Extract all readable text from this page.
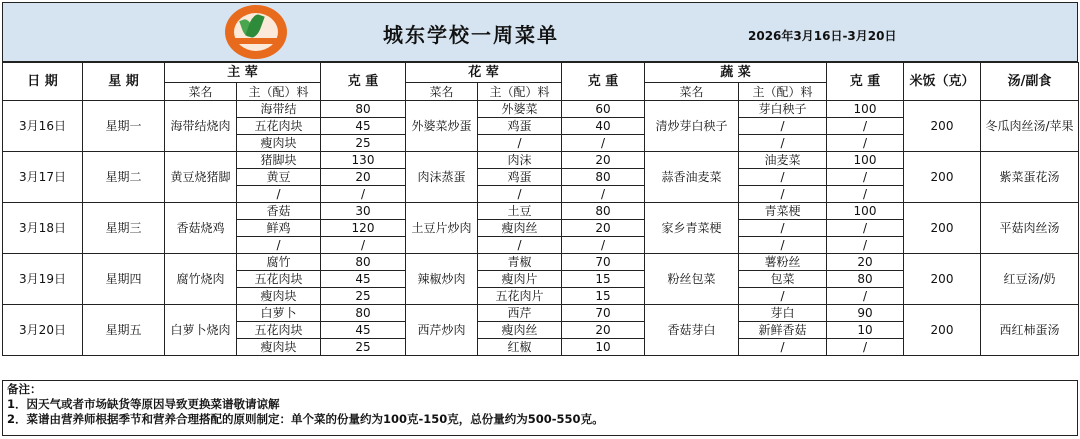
城东学校一周菜单	2026年3月16日-3月20日
日 期	星 期	主 荤		克 重	花 荤		克 重	蔬 菜		克 重	米饭（克）	汤/副食
		菜名	主（配）料		菜名	主（配）料		菜名	主（配）料			
3月16日	星期一	海带结烧肉	海带结	80	外婆菜炒蛋	外婆菜	60	清炒芽白秧子	芽白秧子	100	200	冬瓜肉丝汤/苹果
			五花肉块	45		鸡蛋	40		/	/		
			瘦肉块	25		/	/		/	/		
3月17日	星期二	黄豆烧猪脚	猪脚块	130	肉沫蒸蛋	肉沫	20	蒜香油麦菜	油麦菜	100	200	紫菜蛋花汤
			黄豆	20		鸡蛋	80		/	/		
			/	/		/	/		/	/		
3月18日	星期三	香菇烧鸡	香菇	30	土豆片炒肉	土豆	80	家乡青菜梗	青菜梗	100	200	平菇肉丝汤
			鲜鸡	120		瘦肉丝	20		/	/		
			/	/		/	/		/	/		
3月19日	星期四	腐竹烧肉	腐竹	80	辣椒炒肉	青椒	70	粉丝包菜	薯粉丝	20	200	红豆汤/奶
			五花肉块	45		瘦肉片	15		包菜	80		
			瘦肉块	25		五花肉片	15		/	/		
3月20日	星期五	白萝卜烧肉	白萝卜	80	西芹炒肉	西芹	70	香菇芽白	芽白	90	200	西红柿蛋汤
			五花肉块	45		瘦肉丝	20		新鲜香菇	10		
			瘦肉块	25		红椒	10		/	/		
备注：
1．因天气或者市场缺货等原因导致更换菜谱敬请谅解
2．菜谱由营养师根据季节和营养合理搭配的原则制定：单个菜的份量约为100克-150克，总份量约为500-550克。
